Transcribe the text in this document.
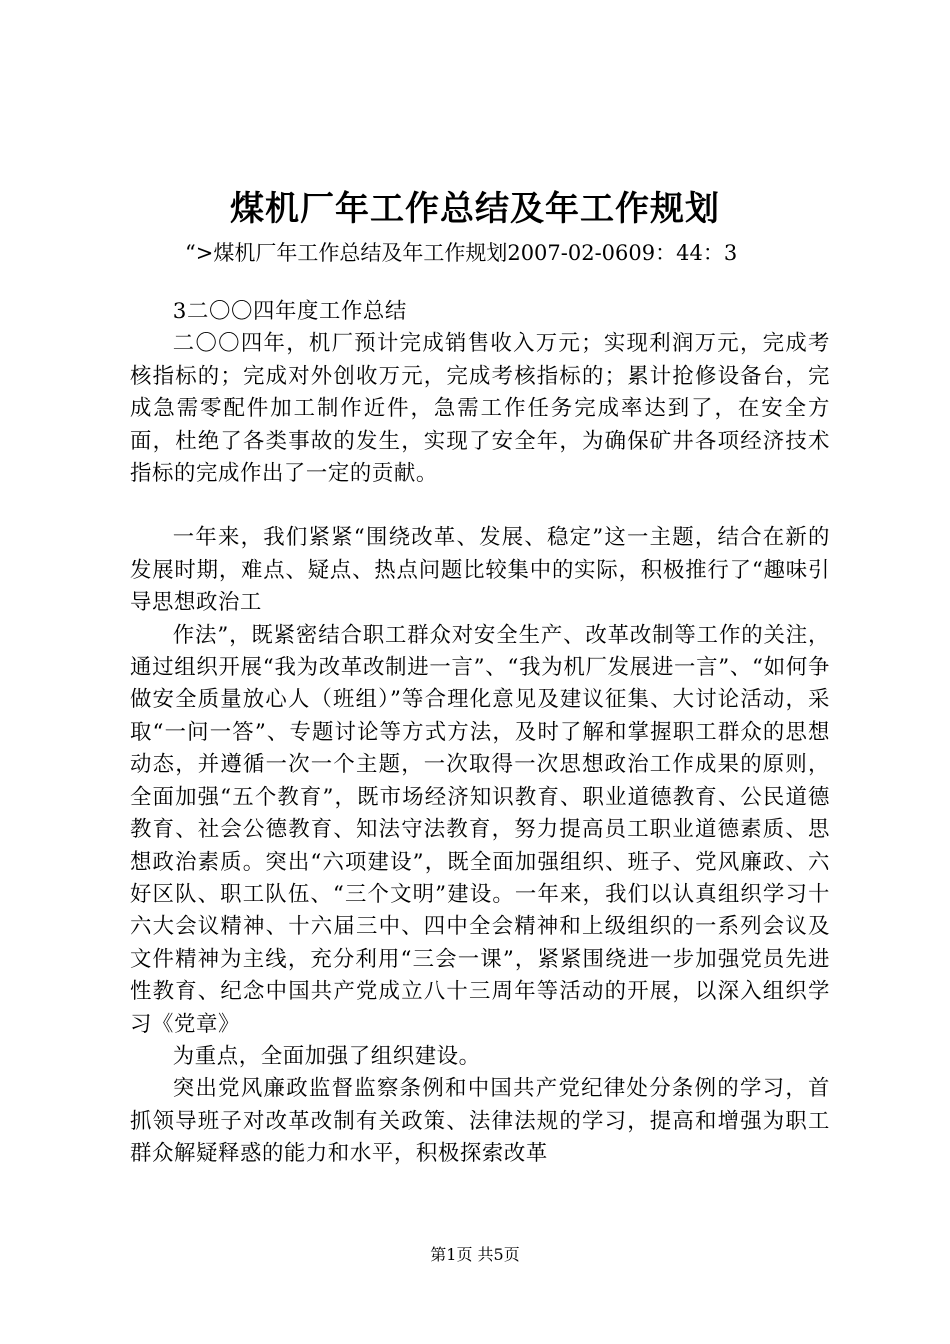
煤机厂年工作总结及年工作规划
“>煤机厂年工作总结及年工作规划2007-02-0609：44：3

3二〇〇四年度工作总结

二〇〇四年，机厂预计完成销售收入万元；实现利润万元，完成考核指标的；完成对外创收万元，完成考核指标的；累计抢修设备台，完成急需零配件加工制作近件，急需工作任务完成率达到了，在安全方面，杜绝了各类事故的发生，实现了安全年，为确保矿井各项经济技术指标的完成作出了一定的贡献。

一年来，我们紧紧“围绕改革、发展、稳定”这一主题，结合在新的发展时期，难点、疑点、热点问题比较集中的实际，积极推行了“趣味引导思想政治工

作法”，既紧密结合职工群众对安全生产、改革改制等工作的关注，通过组织开展“我为改革改制进一言”、“我为机厂发展进一言”、“如何争做安全质量放心人（班组）”等合理化意见及建议征集、大讨论活动，采取“一问一答”、专题讨论等方式方法，及时了解和掌握职工群众的思想动态，并遵循一次一个主题，一次取得一次思想政治工作成果的原则，全面加强“五个教育”，既市场经济知识教育、职业道德教育、公民道德教育、社会公德教育、知法守法教育，努力提高员工职业道德素质、思想政治素质。突出“六项建设”，既全面加强组织、班子、党风廉政、六好区队、职工队伍、“三个文明”建设。一年来，我们以认真组织学习十六大会议精神、十六届三中、四中全会精神和上级组织的一系列会议及文件精神为主线，充分利用“三会一课”，紧紧围绕进一步加强党员先进性教育、纪念中国共产党成立八十三周年等活动的开展，以深入组织学习《党章》

为重点，全面加强了组织建设。

突出党风廉政监督监察条例和中国共产党纪律处分条例的学习，首抓领导班子对改革改制有关政策、法律法规的学习，提高和增强为职工群众解疑释惑的能力和水平，积极探索改革

第1页 共5页
